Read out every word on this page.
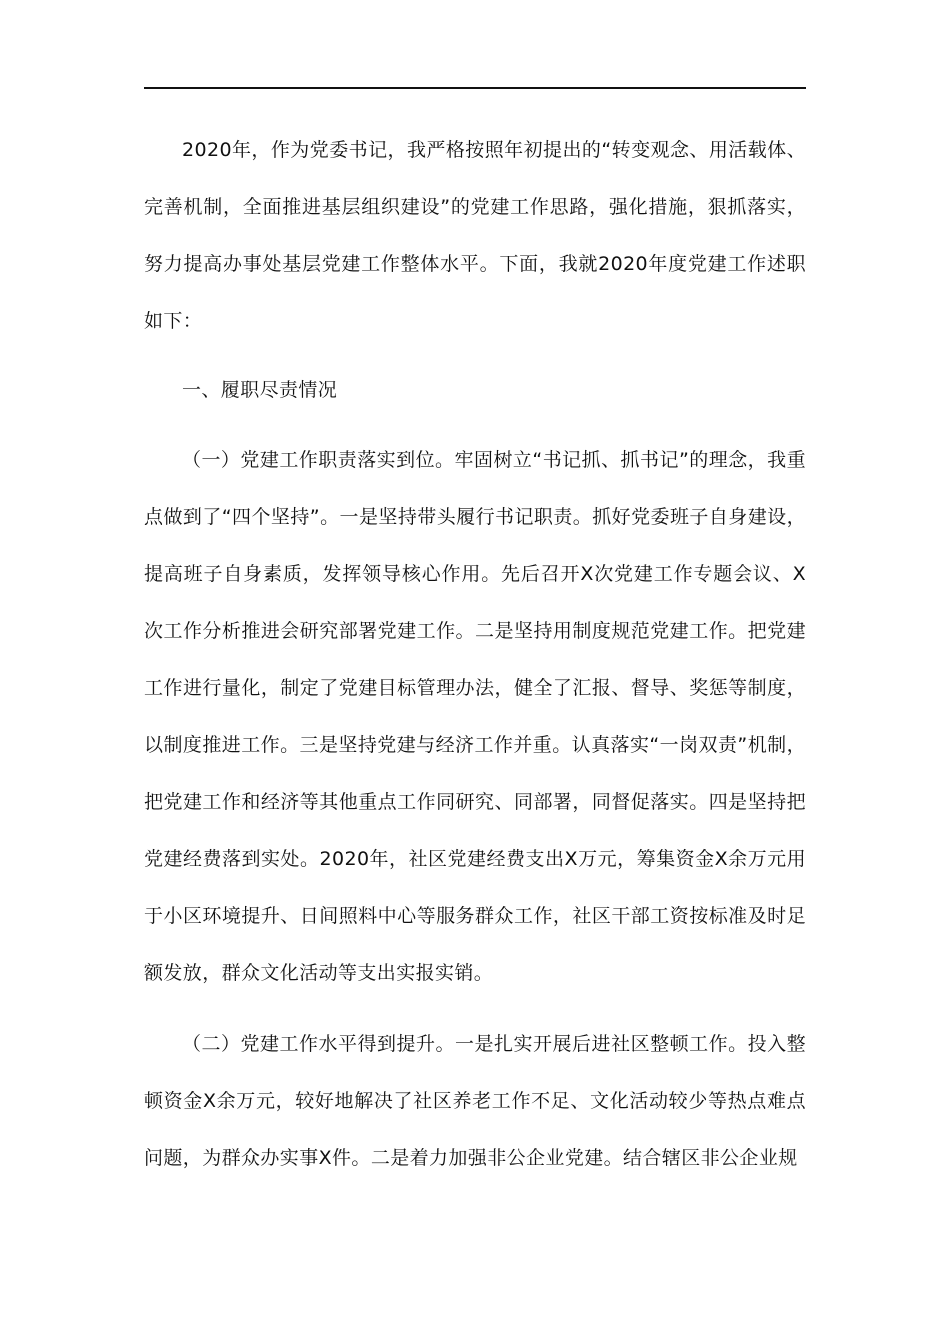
2020年，作为党委书记，我严格按照年初提出的“转变观念、用活载体、完善机制，全面推进基层组织建设”的党建工作思路，强化措施，狠抓落实，努力提高办事处基层党建工作整体水平。下面，我就2020年度党建工作述职如下：

一、履职尽责情况

（一）党建工作职责落实到位。牢固树立“书记抓、抓书记”的理念，我重点做到了“四个坚持”。一是坚持带头履行书记职责。抓好党委班子自身建设，提高班子自身素质，发挥领导核心作用。先后召开X次党建工作专题会议、X次工作分析推进会研究部署党建工作。二是坚持用制度规范党建工作。把党建工作进行量化，制定了党建目标管理办法，健全了汇报、督导、奖惩等制度，以制度推进工作。三是坚持党建与经济工作并重。认真落实“一岗双责”机制，把党建工作和经济等其他重点工作同研究、同部署，同督促落实。四是坚持把党建经费落到实处。2020年，社区党建经费支出X万元，筹集资金X余万元用于小区环境提升、日间照料中心等服务群众工作，社区干部工资按标准及时足额发放，群众文化活动等支出实报实销。

（二）党建工作水平得到提升。一是扎实开展后进社区整顿工作。投入整顿资金X余万元，较好地解决了社区养老工作不足、文化活动较少等热点难点问题，为群众办实事X件。二是着力加强非公企业党建。结合辖区非公企业规
